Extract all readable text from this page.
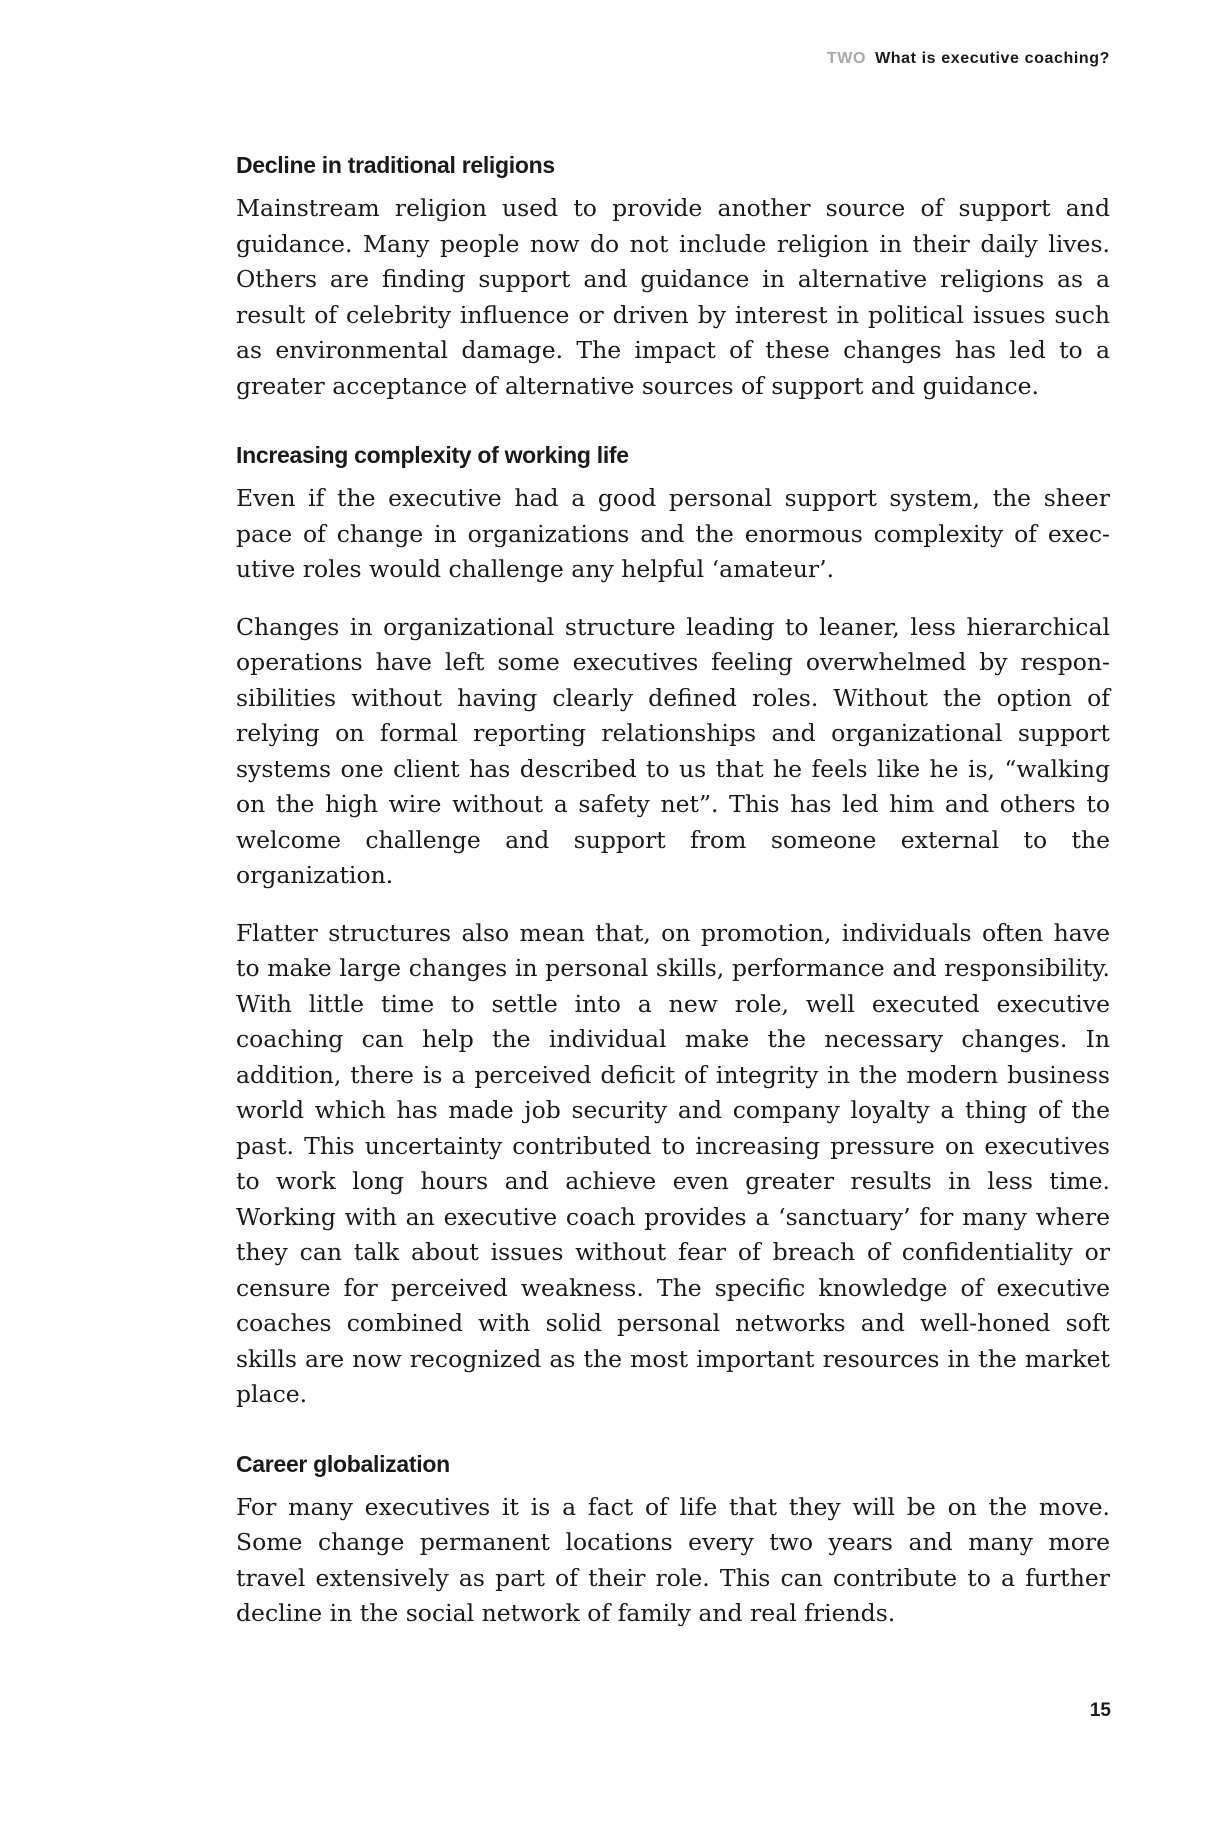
TWO What is executive coaching?
Decline in traditional religions

Mainstream religion used to provide another source of support and guidance. Many people now do not include religion in their daily lives. Others are finding support and guidance in alternative religions as a result of celebrity influence or driven by interest in political issues such as environmental damage. The impact of these changes has led to a greater acceptance of alternative sources of support and guidance.

Increasing complexity of working life

Even if the executive had a good personal support system, the sheer pace of change in organizations and the enormous complexity of executive roles would challenge any helpful ‘amateur’.

Changes in organizational structure leading to leaner, less hierarchical operations have left some executives feeling overwhelmed by responsibilities without having clearly defined roles. Without the option of relying on formal reporting relationships and organizational support systems one client has described to us that he feels like he is, “walking on the high wire without a safety net”. This has led him and others to welcome challenge and support from someone external to the organization.

Flatter structures also mean that, on promotion, individuals often have to make large changes in personal skills, performance and responsibility. With little time to settle into a new role, well executed executive coaching can help the individual make the necessary changes. In addition, there is a perceived deficit of integrity in the modern business world which has made job security and company loyalty a thing of the past. This uncertainty contributed to increasing pressure on executives to work long hours and achieve even greater results in less time. Working with an executive coach provides a ‘sanctuary’ for many where they can talk about issues without fear of breach of confidentiality or censure for perceived weakness. The specific knowledge of executive coaches combined with solid personal networks and well-honed soft skills are now recognized as the most important resources in the market place.

Career globalization

For many executives it is a fact of life that they will be on the move. Some change permanent locations every two years and many more travel extensively as part of their role. This can contribute to a further decline in the social network of family and real friends.

15
